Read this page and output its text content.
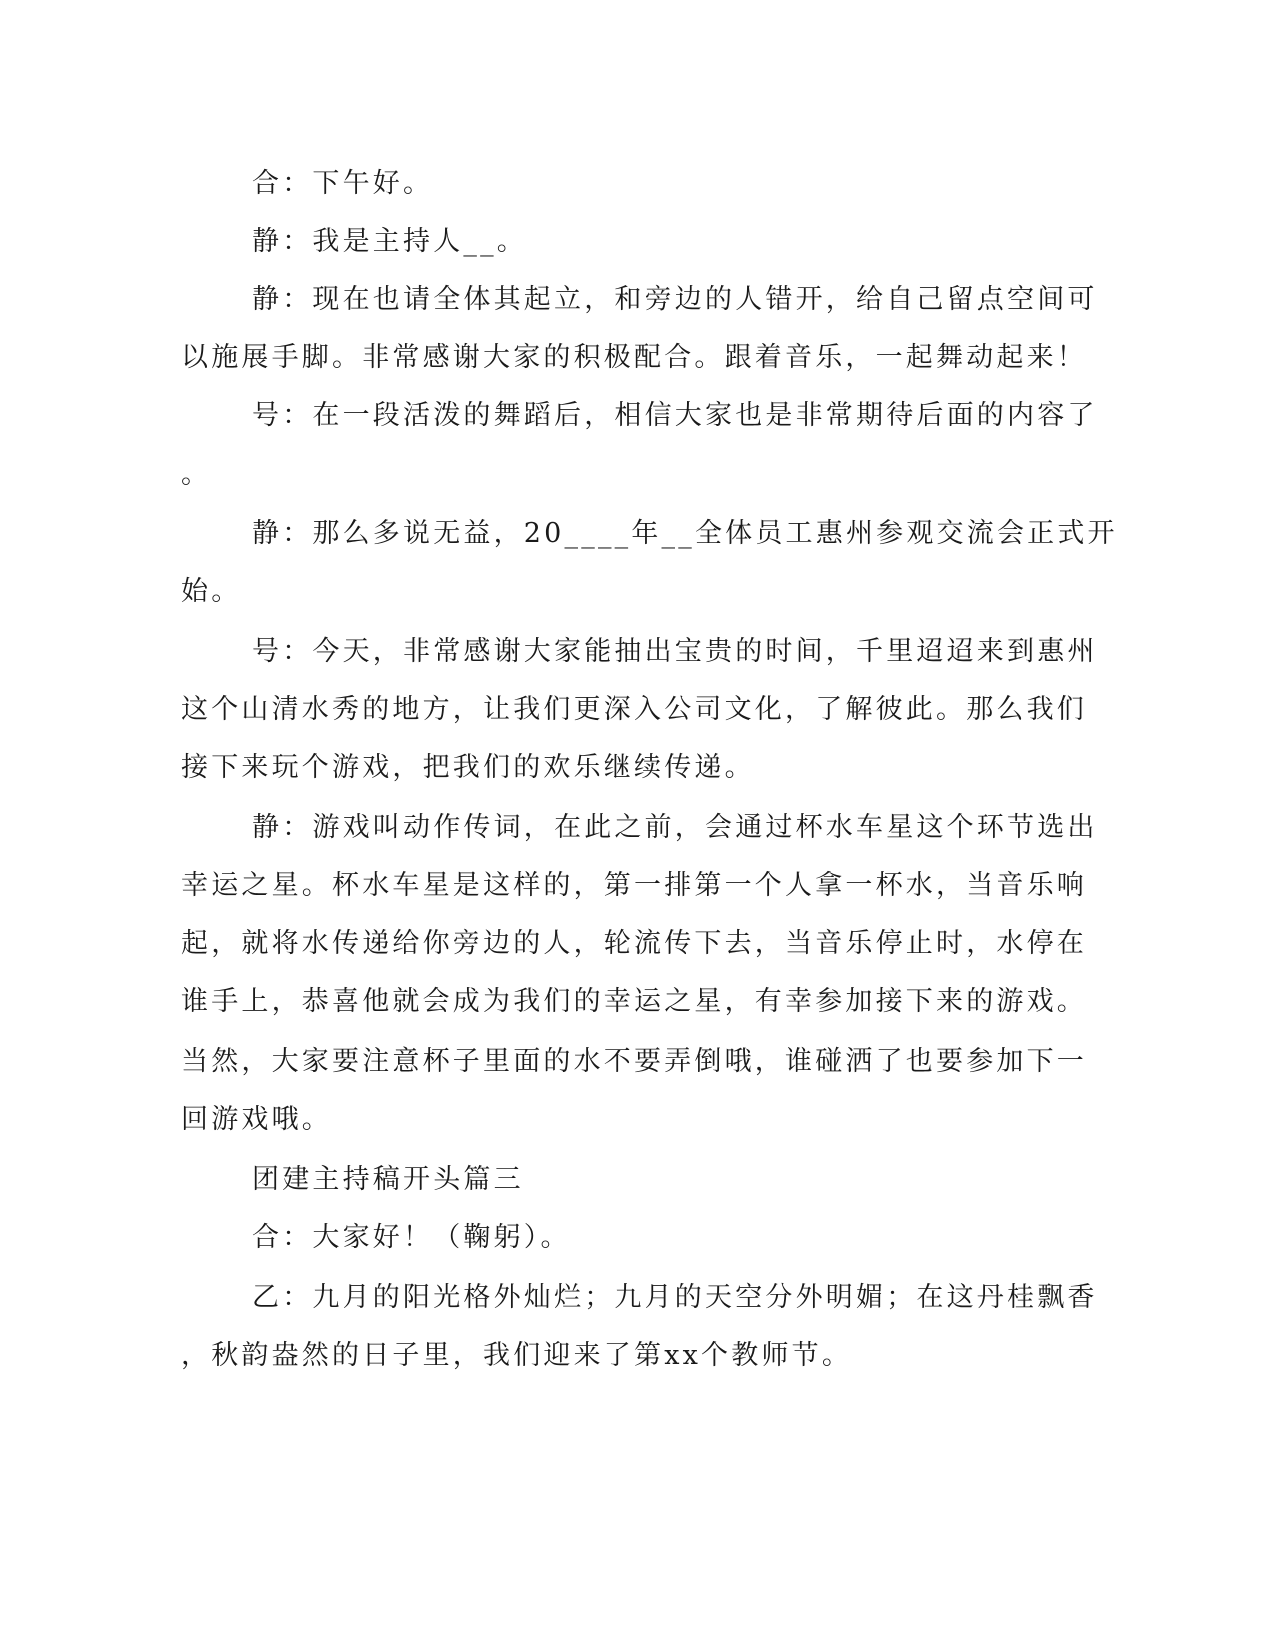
合：下午好。
静：我是主持人__。
静：现在也请全体其起立，和旁边的人错开，给自己留点空间可
以施展手脚。非常感谢大家的积极配合。跟着音乐，一起舞动起来！
号：在一段活泼的舞蹈后，相信大家也是非常期待后面的内容了
。
静：那么多说无益，20____年__全体员工惠州参观交流会正式开
始。
号：今天，非常感谢大家能抽出宝贵的时间，千里迢迢来到惠州
这个山清水秀的地方，让我们更深入公司文化，了解彼此。那么我们
接下来玩个游戏，把我们的欢乐继续传递。
静：游戏叫动作传词，在此之前，会通过杯水车星这个环节选出
幸运之星。杯水车星是这样的，第一排第一个人拿一杯水，当音乐响
起，就将水传递给你旁边的人，轮流传下去，当音乐停止时，水停在
谁手上，恭喜他就会成为我们的幸运之星，有幸参加接下来的游戏。
当然，大家要注意杯子里面的水不要弄倒哦，谁碰洒了也要参加下一
回游戏哦。
团建主持稿开头篇三
合：大家好！（鞠躬）。
乙：九月的阳光格外灿烂；九月的天空分外明媚；在这丹桂飘香
，秋韵盎然的日子里，我们迎来了第xx个教师节。
